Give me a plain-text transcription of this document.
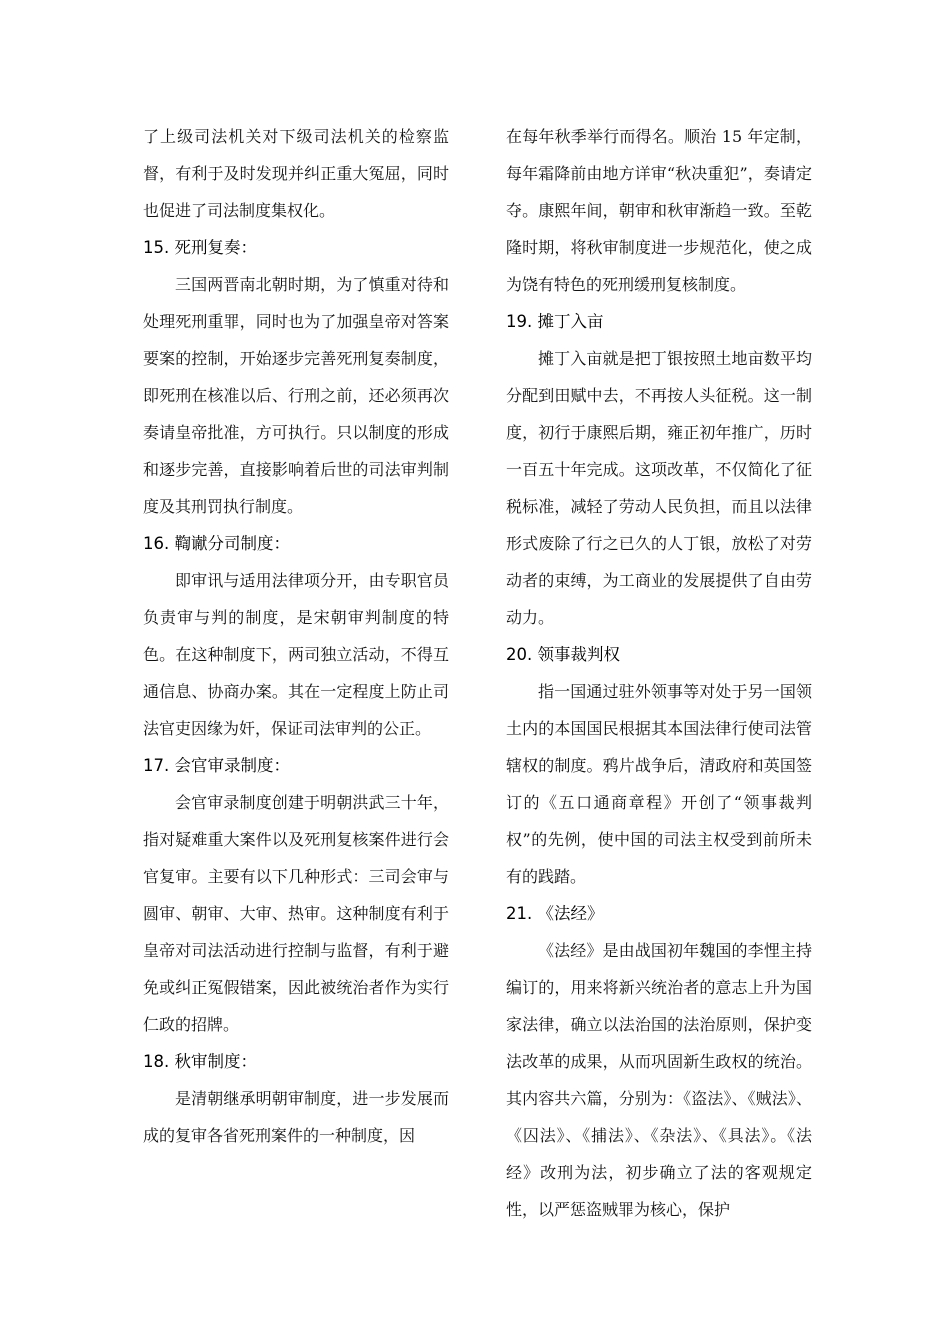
了上级司法机关对下级司法机关的检察监督，有利于及时发现并纠正重大冤屈，同时也促进了司法制度集权化。

15. 死刑复奏：

三国两晋南北朝时期，为了慎重对待和处理死刑重罪，同时也为了加强皇帝对答案要案的控制，开始逐步完善死刑复奏制度，即死刑在核准以后、行刑之前，还必须再次奏请皇帝批准，方可执行。只以制度的形成和逐步完善，直接影响着后世的司法审判制度及其刑罚执行制度。

16. 鞫谳分司制度：

即审讯与适用法律项分开，由专职官员负责审与判的制度，是宋朝审判制度的特色。在这种制度下，两司独立活动，不得互通信息、协商办案。其在一定程度上防止司法官吏因缘为奸，保证司法审判的公正。

17. 会官审录制度：

会官审录制度创建于明朝洪武三十年，指对疑难重大案件以及死刑复核案件进行会官复审。主要有以下几种形式：三司会审与圆审、朝审、大审、热审。这种制度有利于皇帝对司法活动进行控制与监督，有利于避免或纠正冤假错案，因此被统治者作为实行仁政的招牌。

18. 秋审制度：

是清朝继承明朝审制度，进一步发展而成的复审各省死刑案件的一种制度，因

在每年秋季举行而得名。顺治 15 年定制，每年霜降前由地方详审“秋决重犯”，奏请定夺。康熙年间，朝审和秋审渐趋一致。至乾隆时期，将秋审制度进一步规范化，使之成为饶有特色的死刑缓刑复核制度。

19. 摊丁入亩

摊丁入亩就是把丁银按照土地亩数平均分配到田赋中去，不再按人头征税。这一制度，初行于康熙后期，雍正初年推广，历时一百五十年完成。这项改革，不仅简化了征税标准，减轻了劳动人民负担，而且以法律形式废除了行之已久的人丁银，放松了对劳动者的束缚，为工商业的发展提供了自由劳动力。

20. 领事裁判权

指一国通过驻外领事等对处于另一国领土内的本国国民根据其本国法律行使司法管辖权的制度。鸦片战争后，清政府和英国签订的《五口通商章程》开创了“领事裁判权”的先例，使中国的司法主权受到前所未有的践踏。

21. 《法经》

《法经》是由战国初年魏国的李悝主持编订的，用来将新兴统治者的意志上升为国家法律，确立以法治国的法治原则，保护变法改革的成果，从而巩固新生政权的统治。其内容共六篇，分别为：《盗法》、《贼法》、《囚法》、《捕法》、《杂法》、《具法》。《法经》改刑为法，初步确立了法的客观规定性，以严惩盗贼罪为核心，保护
